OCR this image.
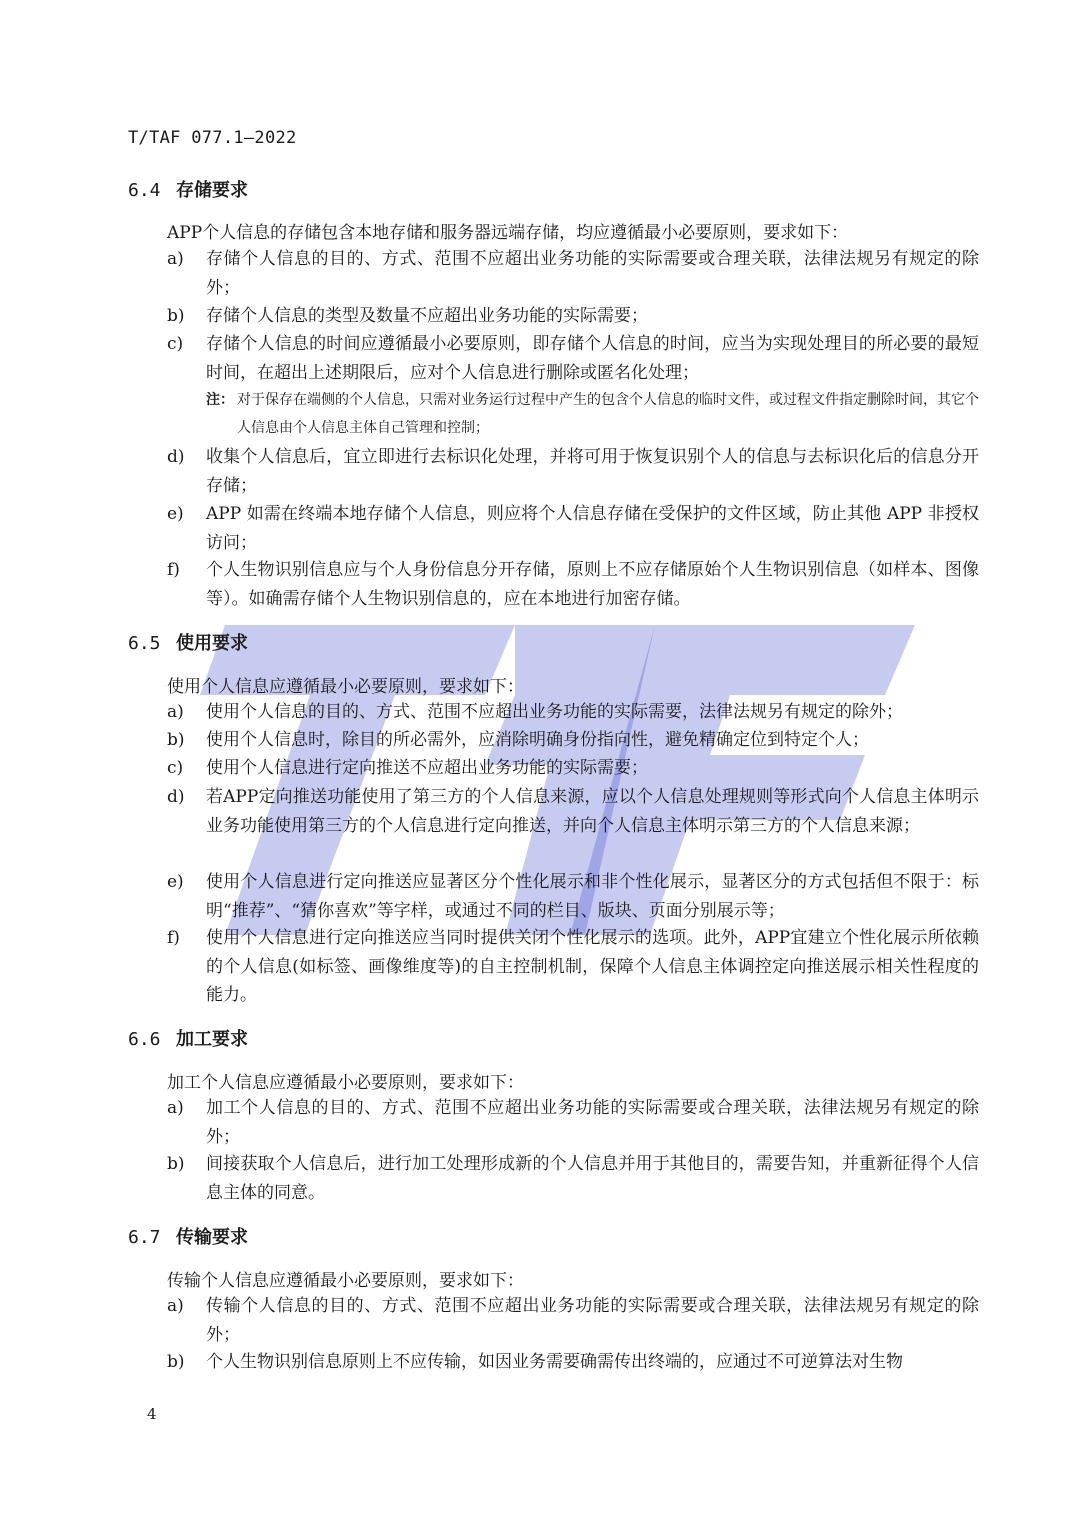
T/TAF 077.1—2022
6.4 存储要求
APP个人信息的存储包含本地存储和服务器远端存储，均应遵循最小必要原则，要求如下：
a)	存储个人信息的目的、方式、范围不应超出业务功能的实际需要或合理关联，法律法规另有规定的除外；
b)	存储个人信息的类型及数量不应超出业务功能的实际需要；
c)	存储个人信息的时间应遵循最小必要原则，即存储个人信息的时间，应当为实现处理目的所必要的最短时间，在超出上述期限后，应对个人信息进行删除或匿名化处理；
注： 对于保存在端侧的个人信息，只需对业务运行过程中产生的包含个人信息的临时文件，或过程文件指定删除时间，其它个人信息由个人信息主体自己管理和控制；
d)	收集个人信息后，宜立即进行去标识化处理，并将可用于恢复识别个人的信息与去标识化后的信息分开存储；
e)	APP 如需在终端本地存储个人信息，则应将个人信息存储在受保护的文件区域，防止其他 APP 非授权访问；
f)	个人生物识别信息应与个人身份信息分开存储，原则上不应存储原始个人生物识别信息（如样本、图像等）。如确需存储个人生物识别信息的，应在本地进行加密存储。
6.5 使用要求
使用个人信息应遵循最小必要原则，要求如下：
a)	使用个人信息的目的、方式、范围不应超出业务功能的实际需要，法律法规另有规定的除外；
b)	使用个人信息时，除目的所必需外，应消除明确身份指向性，避免精确定位到特定个人；
c)	使用个人信息进行定向推送不应超出业务功能的实际需要；
d)	若APP定向推送功能使用了第三方的个人信息来源，应以个人信息处理规则等形式向个人信息主体明示业务功能使用第三方的个人信息进行定向推送，并向个人信息主体明示第三方的个人信息来源；
e)	使用个人信息进行定向推送应显著区分个性化展示和非个性化展示，显著区分的方式包括但不限于：标明“推荐”、“猜你喜欢”等字样，或通过不同的栏目、版块、页面分别展示等；
f)	使用个人信息进行定向推送应当同时提供关闭个性化展示的选项。此外，APP宜建立个性化展示所依赖的个人信息(如标签、画像维度等)的自主控制机制，保障个人信息主体调控定向推送展示相关性程度的能力。
6.6 加工要求
加工个人信息应遵循最小必要原则，要求如下：
a)	加工个人信息的目的、方式、范围不应超出业务功能的实际需要或合理关联，法律法规另有规定的除外；
b)	间接获取个人信息后，进行加工处理形成新的个人信息并用于其他目的，需要告知，并重新征得个人信息主体的同意。
6.7 传输要求
传输个人信息应遵循最小必要原则，要求如下：
a)	传输个人信息的目的、方式、范围不应超出业务功能的实际需要或合理关联，法律法规另有规定的除外；
b)	个人生物识别信息原则上不应传输，如因业务需要确需传出终端的，应通过不可逆算法对生物
4
